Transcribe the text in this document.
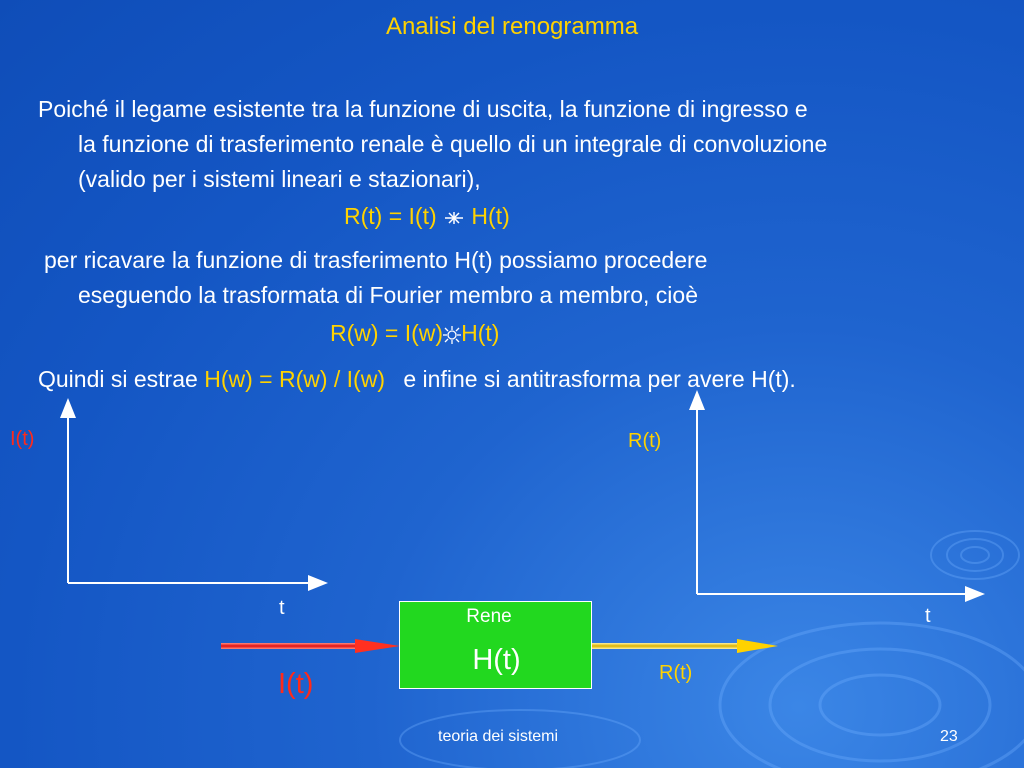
Analisi del renogramma
Poiché il legame esistente tra la funzione di uscita, la funzione di ingresso e
la funzione di trasferimento renale è quello di un integrale di convoluzione
(valido per i sistemi lineari e stazionari),
R(t) = I(t) H(t)
per ricavare la funzione di trasferimento H(t) possiamo procedere
eseguendo la trasformata di Fourier membro a membro, cioè
R(w) = I(w) H(t)
Quindi si estrae H(w) = R(w) / I(w) e infine si antitrasforma per avere H(t).
I(t)
t
R(t)
t
Rene
H(t)
I(t)	R(t)
teoria dei sistemi	23
